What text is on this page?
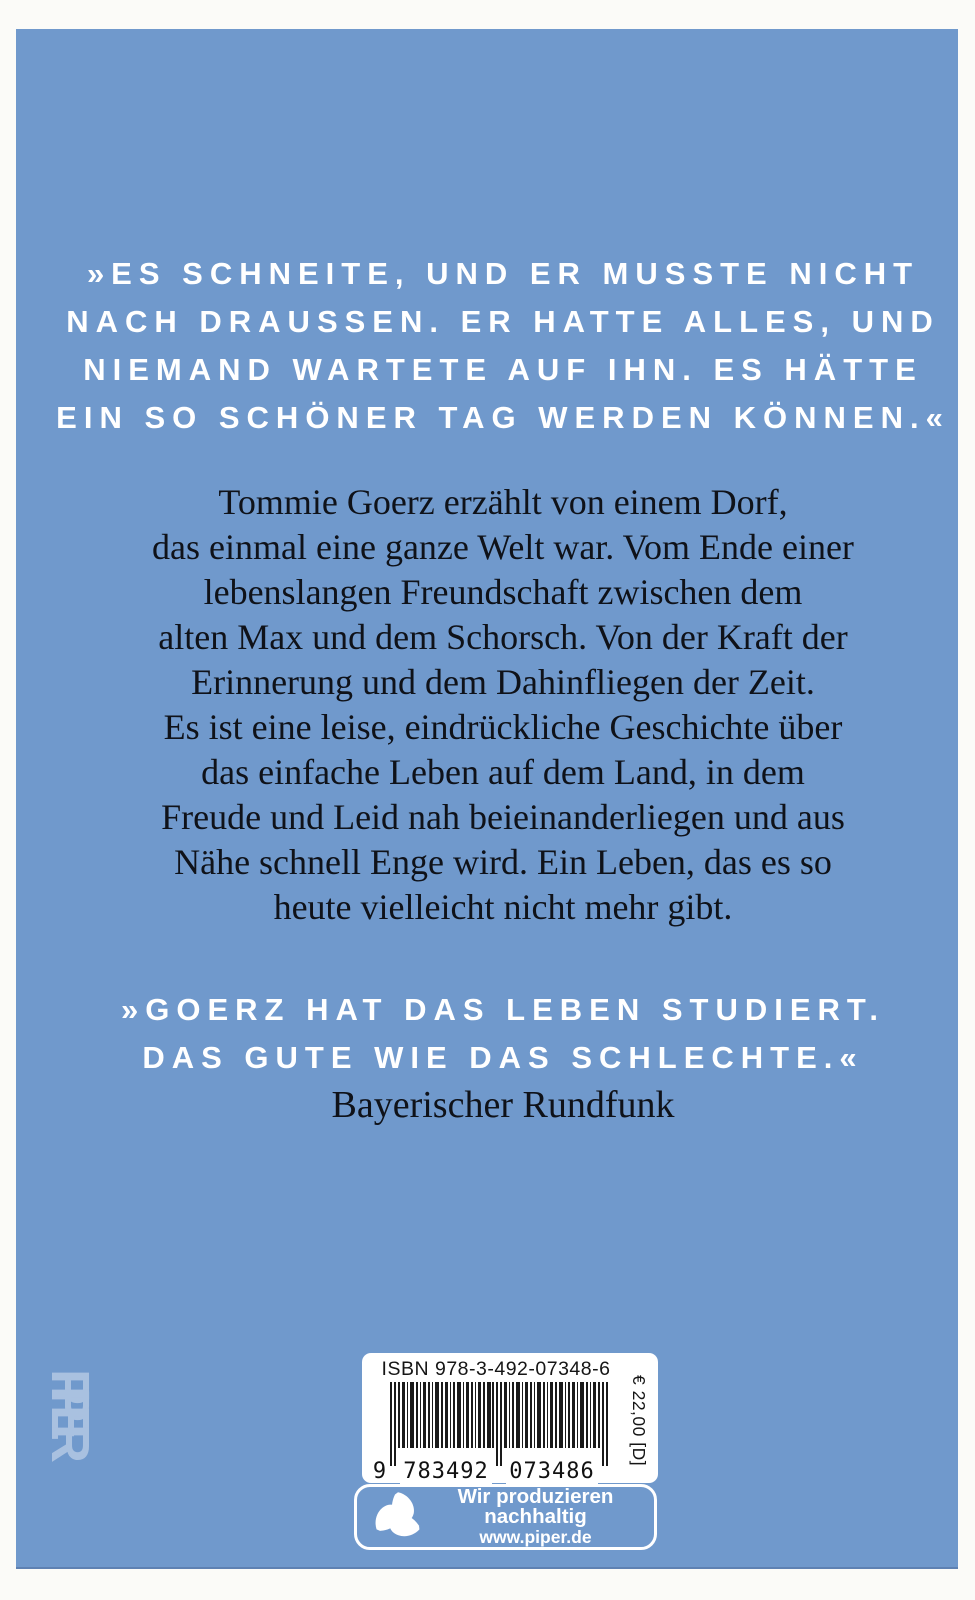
»ES SCHNEITE, UND ER MUSSTE NICHT
NACH DRAUSSEN. ER HATTE ALLES, UND
NIEMAND WARTETE AUF IHN. ES HÄTTE
EIN SO SCHÖNER TAG WERDEN KÖNNEN.«
Tommie Goerz erzählt von einem Dorf,
das einmal eine ganze Welt war. Vom Ende einer
lebenslangen Freundschaft zwischen dem
alten Max und dem Schorsch. Von der Kraft der
Erinnerung und dem Dahinfliegen der Zeit.
Es ist eine leise, eindrückliche Geschichte über
das einfache Leben auf dem Land, in dem
Freude und Leid nah beieinanderliegen und aus
Nähe schnell Enge wird. Ein Leben, das es so
heute vielleicht nicht mehr gibt.
»GOERZ HAT DAS LEBEN STUDIERT.
DAS GUTE WIE DAS SCHLECHTE.«
Bayerischer Rundfunk
PIPER	ISBN 978-3-492-07348-6
9 783492 073486
€ 22,00 [D]
Wir produzieren
nachhaltig
www.piper.de
